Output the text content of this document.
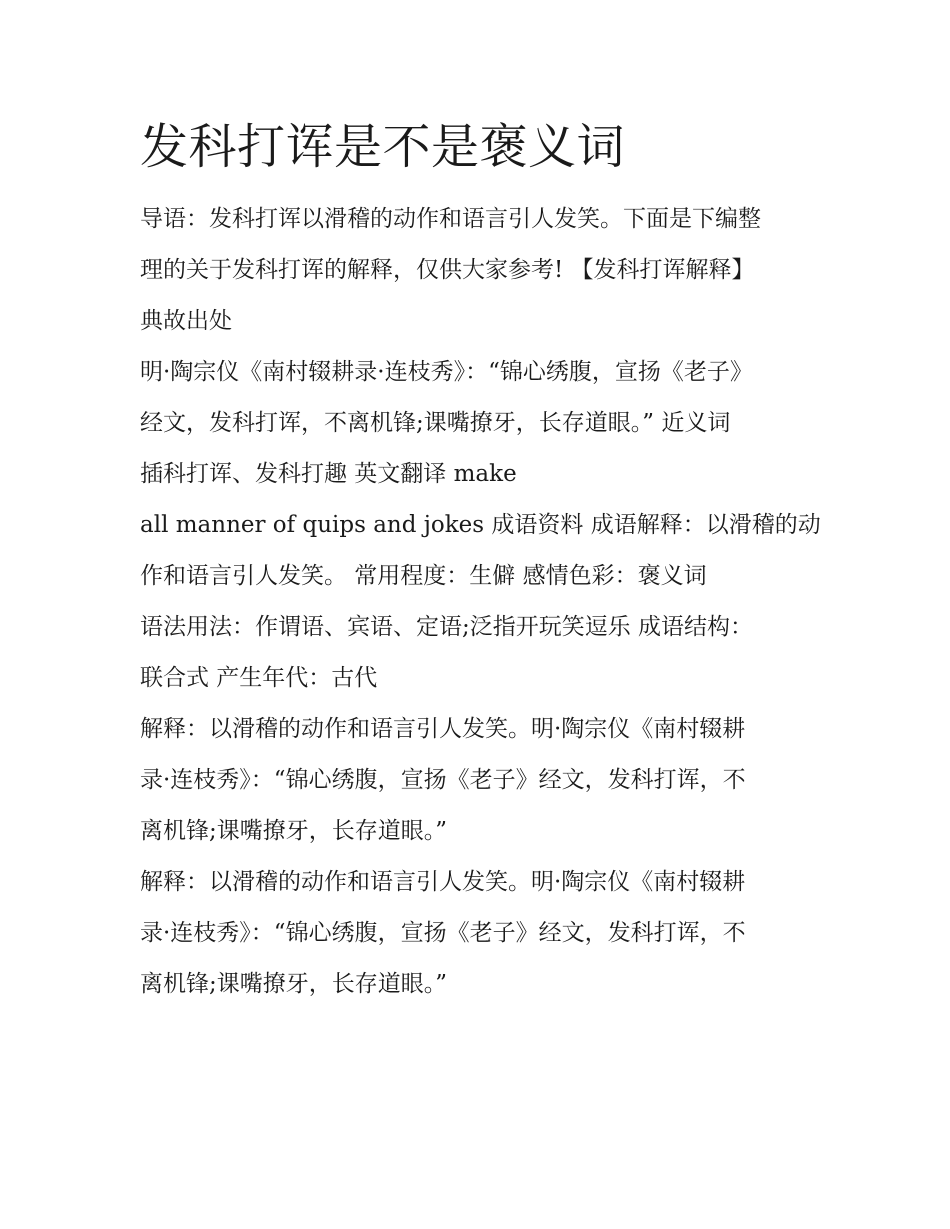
发科打诨是不是褒义词
导语：发科打诨以滑稽的动作和语言引人发笑。下面是下编整
理的关于发科打诨的解释，仅供大家参考! 【发科打诨解释】
典故出处
明·陶宗仪《南村辍耕录·连枝秀》：“锦心绣腹，宣扬《老子》
经文，发科打诨，不离机锋;课嘴撩牙，长存道眼。” 近义词
插科打诨、发科打趣 英文翻译 make
all manner of quips and jokes 成语资料 成语解释：以滑稽的动
作和语言引人发笑。 常用程度：生僻 感情色彩：褒义词
语法用法：作谓语、宾语、定语;泛指开玩笑逗乐 成语结构：
联合式 产生年代：古代
解释：以滑稽的动作和语言引人发笑。明·陶宗仪《南村辍耕
录·连枝秀》：“锦心绣腹，宣扬《老子》经文，发科打诨，不
离机锋;课嘴撩牙，长存道眼。”
解释：以滑稽的动作和语言引人发笑。明·陶宗仪《南村辍耕
录·连枝秀》：“锦心绣腹，宣扬《老子》经文，发科打诨，不
离机锋;课嘴撩牙，长存道眼。”
